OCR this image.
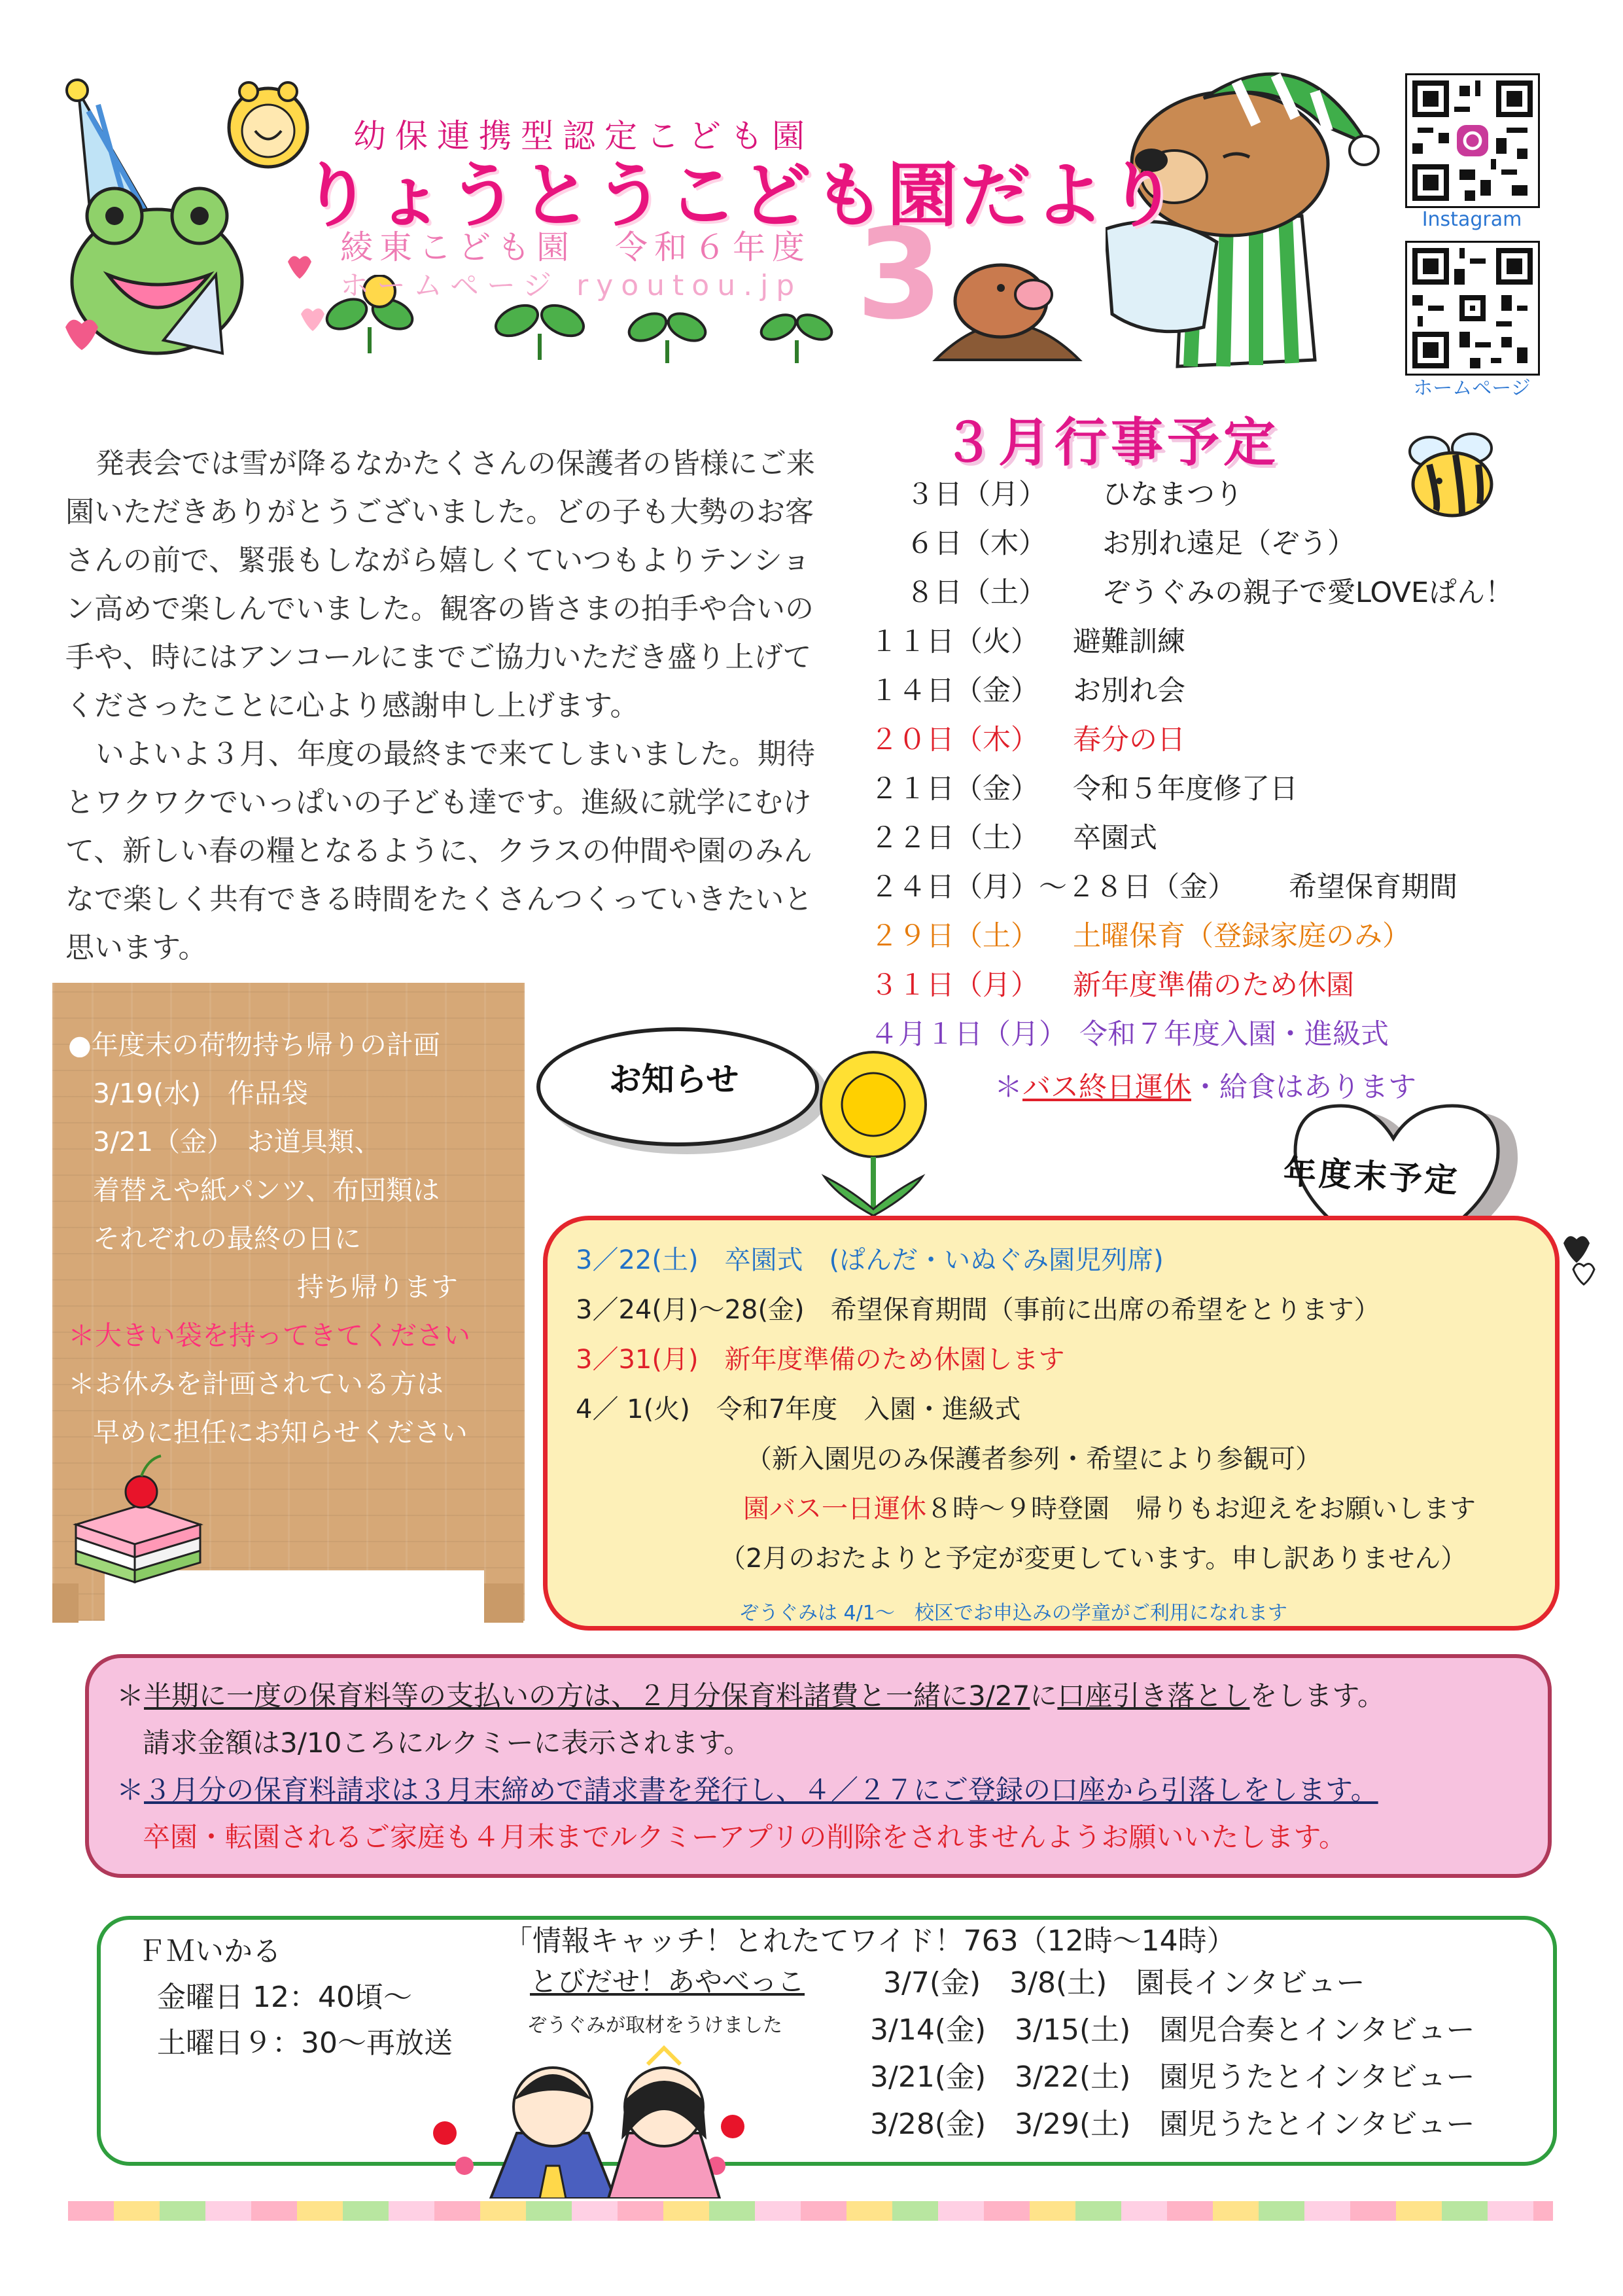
Instagram
ホームページ
幼保連携型認定こども園
りょうとうこども園だより
綾東こども園　令和６年度
ホームページ ryoutou.jp 3

発表会では雪が降るなかたくさんの保護者の皆様にご来園いただきありがとうございました。どの子も大勢のお客さんの前で、緊張もしながら嬉しくていつもよりテンション高めで楽しんでいました。観客の皆さまの拍手や合いの手や、時にはアンコールにまでご協力いただき盛り上げてくださったことに心より感謝申し上げます。

いよいよ３月、年度の最終まで来てしまいました。期待とワクワクでいっぱいの子ども達です。進級に就学にむけて、新しい春の糧となるように、クラスの仲間や園のみんなで楽しく共有できる時間をたくさんつくっていきたいと思います。

３月行事予定
３日（月） ひなまつり
６日（木） お別れ遠足（ぞう）
８日（土） ぞうぐみの親子で愛LOVEぱん！
１１日（火） 避難訓練
１４日（金） お別れ会
２０日（木） 春分の日
２１日（金） 令和５年度修了日
２２日（土） 卒園式
２４日（月）～２８日（金） 希望保育期間
２９日（土） 土曜保育（登録家庭のみ）
３１日（月） 新年度準備のため休園
４月１日（月） 令和７年度入園・進級式
＊バス終日運休・給食はあります
●年度末の荷物持ち帰りの計画
3/19(水)　作品袋
3/21（金）　お道具類、
着替えや紙パンツ、布団類は
それぞれの最終の日に
持ち帰ります
＊大きい袋を持ってきてください
＊お休みを計画されている方は
早めに担任にお知らせください
お知らせ
年度末予定
3／22(土)　卒園式　(ぱんだ・いぬぐみ園児列席)
3／24(月)～28(金)　希望保育期間（事前に出席の希望をとります）
3／31(月)　新年度準備のため休園します
4／ 1(火)　令和7年度　入園・進級式
（新入園児のみ保護者参列・希望により参観可）
園バス一日運休８時～９時登園　帰りもお迎えをお願いします
（2月のおたよりと予定が変更しています。申し訳ありません）
ぞうぐみは 4/1～　校区でお申込みの学童がご利用になれます
＊半期に一度の保育料等の支払いの方は、２月分保育料諸費と一緒に3/27に口座引き落としをします。
請求金額は3/10ころにルクミーに表示されます。
＊３月分の保育料請求は３月末締めで請求書を発行し、４／２７にご登録の口座から引落しをします。
卒園・転園されるご家庭も４月末までルクミーアプリの削除をされませんようお願いいたします。
ＦＭいかる
金曜日 12：40頃～
土曜日９：30～再放送
「情報キャッチ！とれたてワイド！763（12時～14時）
とびだせ！あやべっこ
ぞうぐみが取材をうけました
3/7(金)　 3/8(土)　 園長インタビュー
3/14(金)　 3/15(土)　 園児合奏とインタビュー
3/21(金)　 3/22(土)　 園児うたとインタビュー
3/28(金)　 3/29(土)　 園児うたとインタビュー
